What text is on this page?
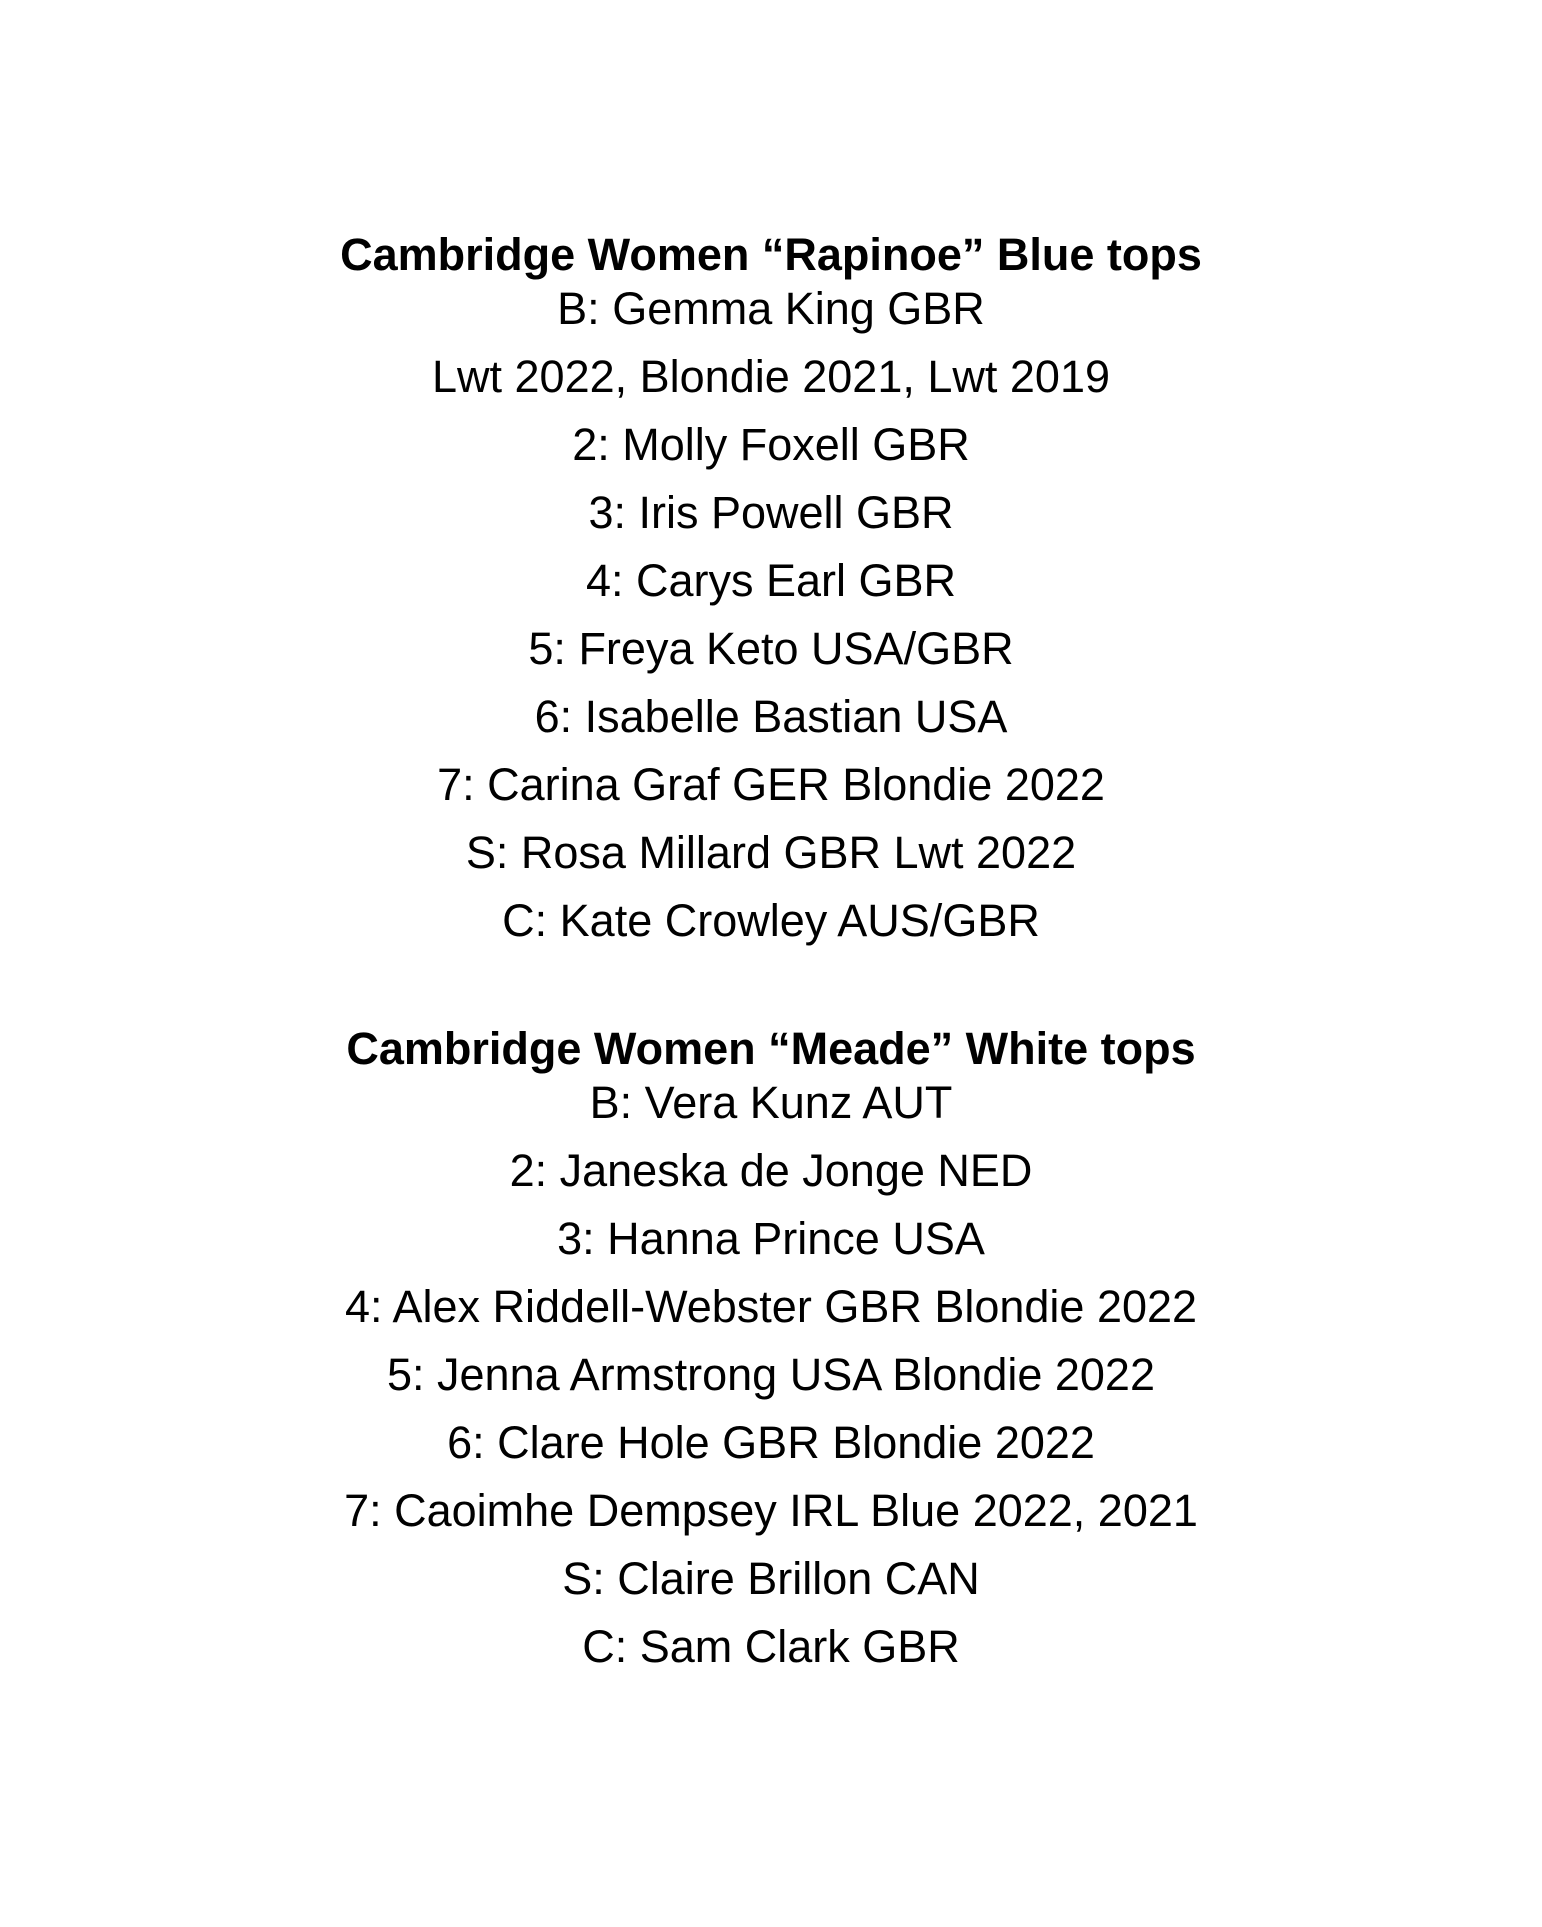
Cambridge Women “Rapinoe” Blue tops
B: Gemma King GBR
Lwt 2022, Blondie 2021, Lwt 2019
2: Molly Foxell GBR
3: Iris Powell GBR
4: Carys Earl GBR
5: Freya Keto USA/GBR
6: Isabelle Bastian USA
7: Carina Graf GER Blondie 2022
S: Rosa Millard GBR Lwt 2022
C: Kate Crowley AUS/GBR
Cambridge Women “Meade” White tops
B: Vera Kunz AUT
2: Janeska de Jonge NED
3: Hanna Prince USA
4: Alex Riddell-Webster GBR Blondie 2022
5: Jenna Armstrong USA Blondie 2022
6: Clare Hole GBR Blondie 2022
7: Caoimhe Dempsey IRL Blue 2022, 2021
S: Claire Brillon CAN
C: Sam Clark GBR
